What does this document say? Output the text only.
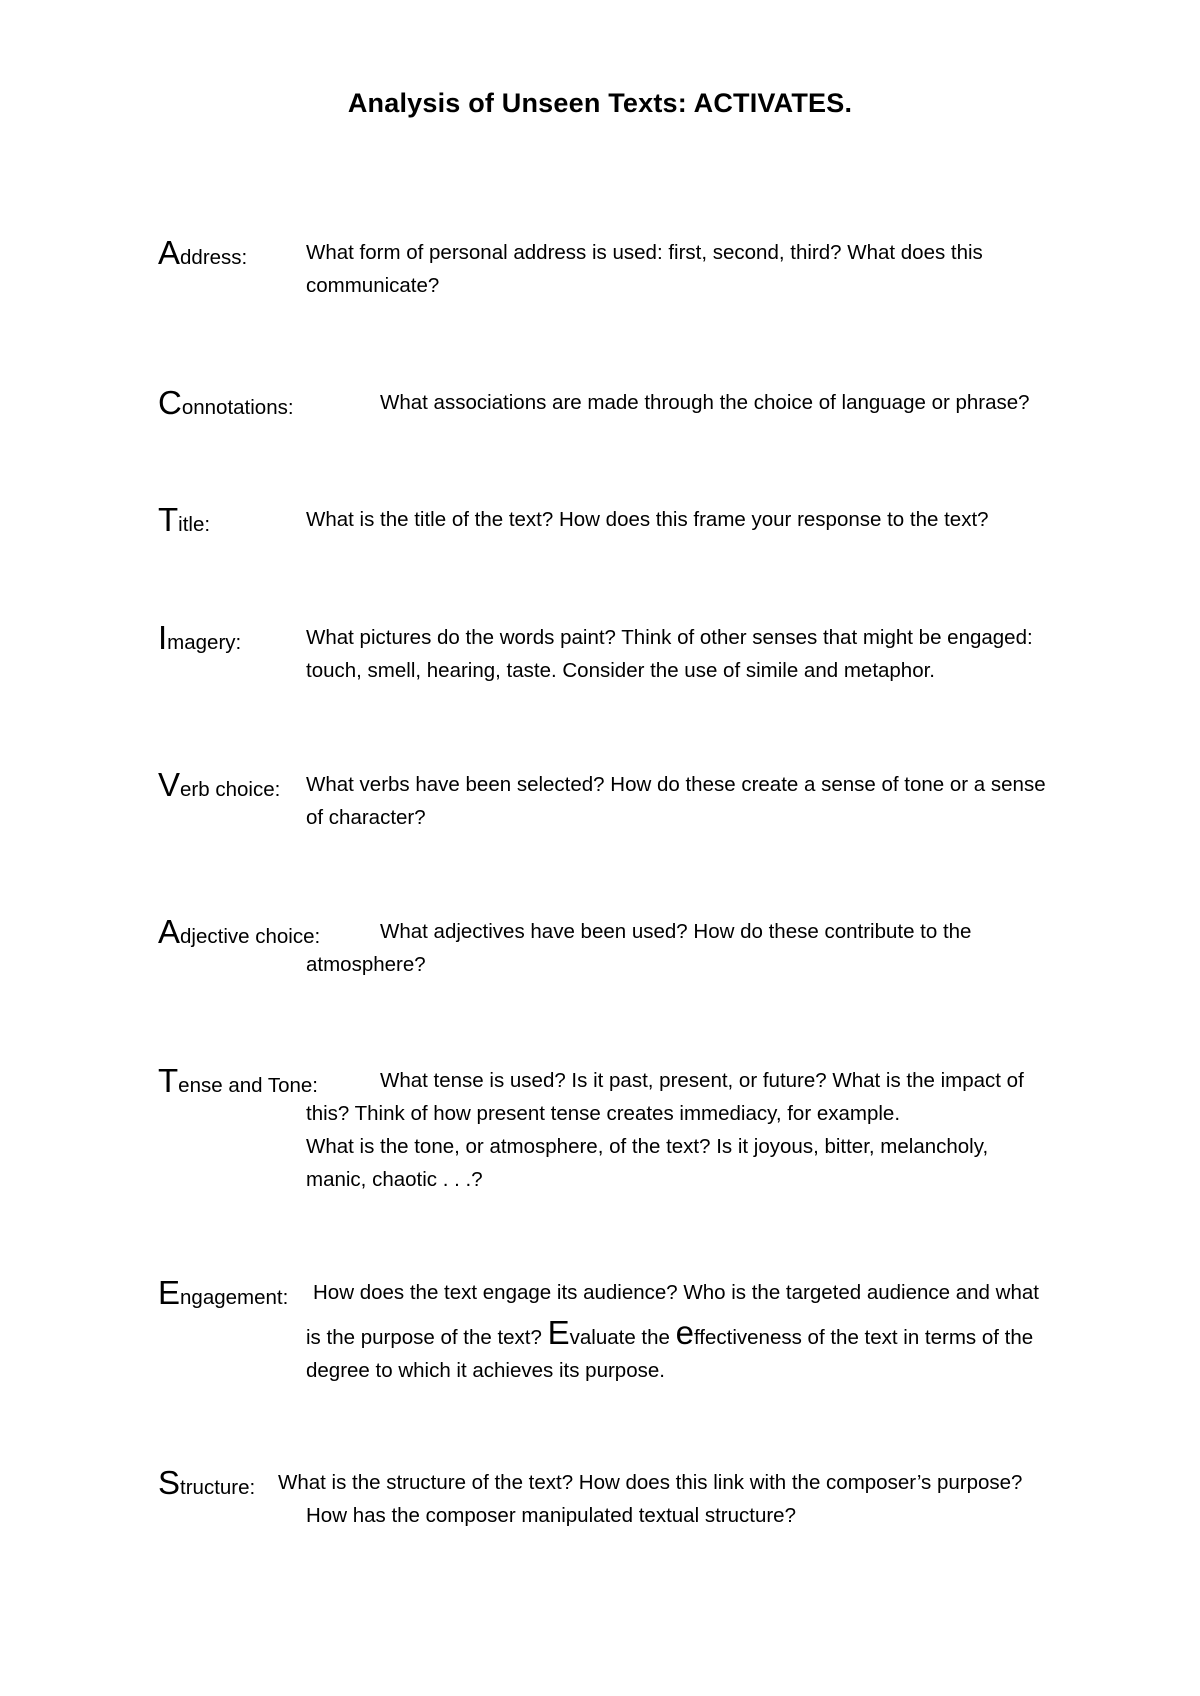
Analysis of Unseen Texts: ACTIVATES.
Address:	What form of personal address is used: first, second, third? What does this
communicate?
Connotations:	What associations are made through the choice of language or phrase?
Title:	What is the title of the text? How does this frame your response to the text?
Imagery:	What pictures do the words paint? Think of other senses that might be engaged:
touch, smell, hearing, taste. Consider the use of simile and metaphor.
Verb choice: What verbs have been selected? How do these create a sense of tone or a sense
of character?
Adjective choice:	What adjectives have been used? How do these contribute to the
atmosphere?
Tense and Tone:	What tense is used? Is it past, present, or future? What is the impact of
this? Think of how present tense creates immediacy, for example.
What is the tone, or atmosphere, of the text? Is it joyous, bitter, melancholy,
manic, chaotic . . .?
Engagement: How does the text engage its audience? Who is the targeted audience and what
is the purpose of the text? Evaluate the effectiveness of the text in terms of the
degree to which it achieves its purpose.
Structure: What is the structure of the text? How does this link with the composer’s purpose?
How has the composer manipulated textual structure?
